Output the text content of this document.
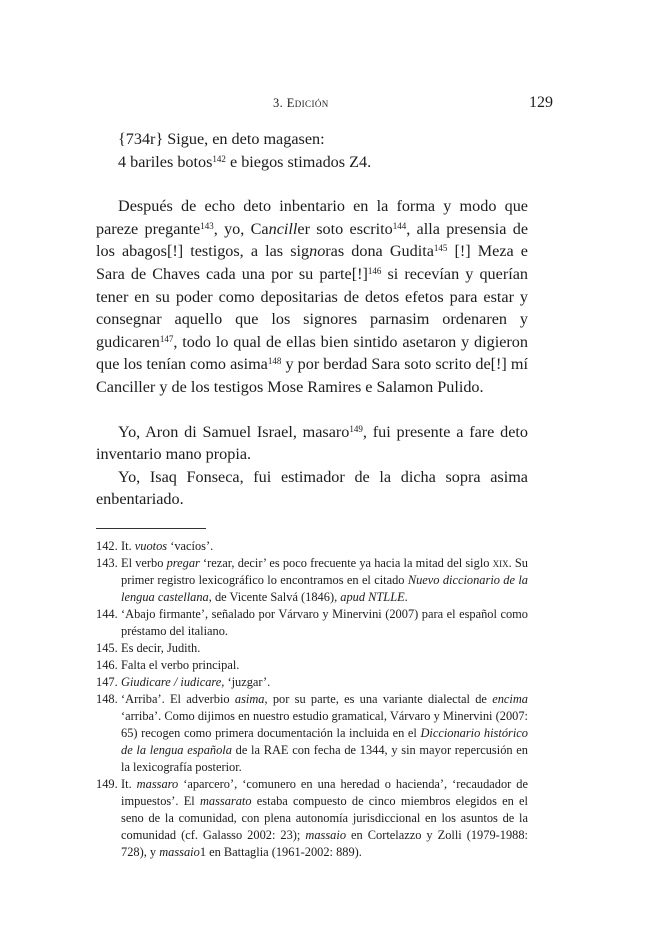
3. Edición	129

{734r} Sigue, en deto magasen:

4 bariles botos$^{142}$ e biegos stimados Z4.

Después de echo deto inbentario en la forma y modo que pareze pregante$^{143}$, yo, Canciller soto escrito$^{144}$, alla presensia de los abagos[!] testigos, a las signoras dona Gudita$^{145}$ [!] Meza e Sara de Chaves cada una por su parte[!]$^{146}$ si recevían y querían tener en su poder como depositarias de detos efetos para estar y consegnar aquello que los signores parnasim ordenaren y gudicaren$^{147}$, todo lo qual de ellas bien sintido asetaron y digieron que los tenían como asima$^{148}$ y por berdad Sara soto scrito de[!] mí Canciller y de los testigos Mose Ramires e Salamon Pulido.

Yo, Aron di Samuel Israel, masaro$^{149}$, fui presente a fare deto inventario mano propia.

Yo, Isaq Fonseca, fui estimador de la dicha sopra asima enbentariado.

142. It. vuotos ‘vacíos’.

143. El verbo pregar ‘rezar, decir’ es poco frecuente ya hacia la mitad del siglo xix. Su primer registro lexicográfico lo encontramos en el citado Nuevo diccionario de la lengua castellana, de Vicente Salvá (1846), apud NTLLE.

144. ‘Abajo firmante’, señalado por Várvaro y Minervini (2007) para el español como préstamo del italiano.

145. Es decir, Judith.

146. Falta el verbo principal.

147. Giudicare / iudicare, ‘juzgar’.

148. ‘Arriba’. El adverbio asima, por su parte, es una variante dialectal de encima ‘arriba’. Como dijimos en nuestro estudio gramatical, Várvaro y Minervini (2007: 65) recogen como primera documentación la incluida en el Diccionario histórico de la lengua española de la RAE con fecha de 1344, y sin mayor repercusión en la lexicografía posterior.

149. It. massaro ‘aparcero’, ‘comunero en una heredad o hacienda’, ‘recaudador de impuestos’. El massarato estaba compuesto de cinco miembros elegidos en el seno de la comunidad, con plena autonomía jurisdiccional en los asuntos de la comunidad (cf. Galasso 2002: 23); massaio en Cortelazzo y Zolli (1979-1988: 728), y massaio1 en Battaglia (1961-2002: 889).
